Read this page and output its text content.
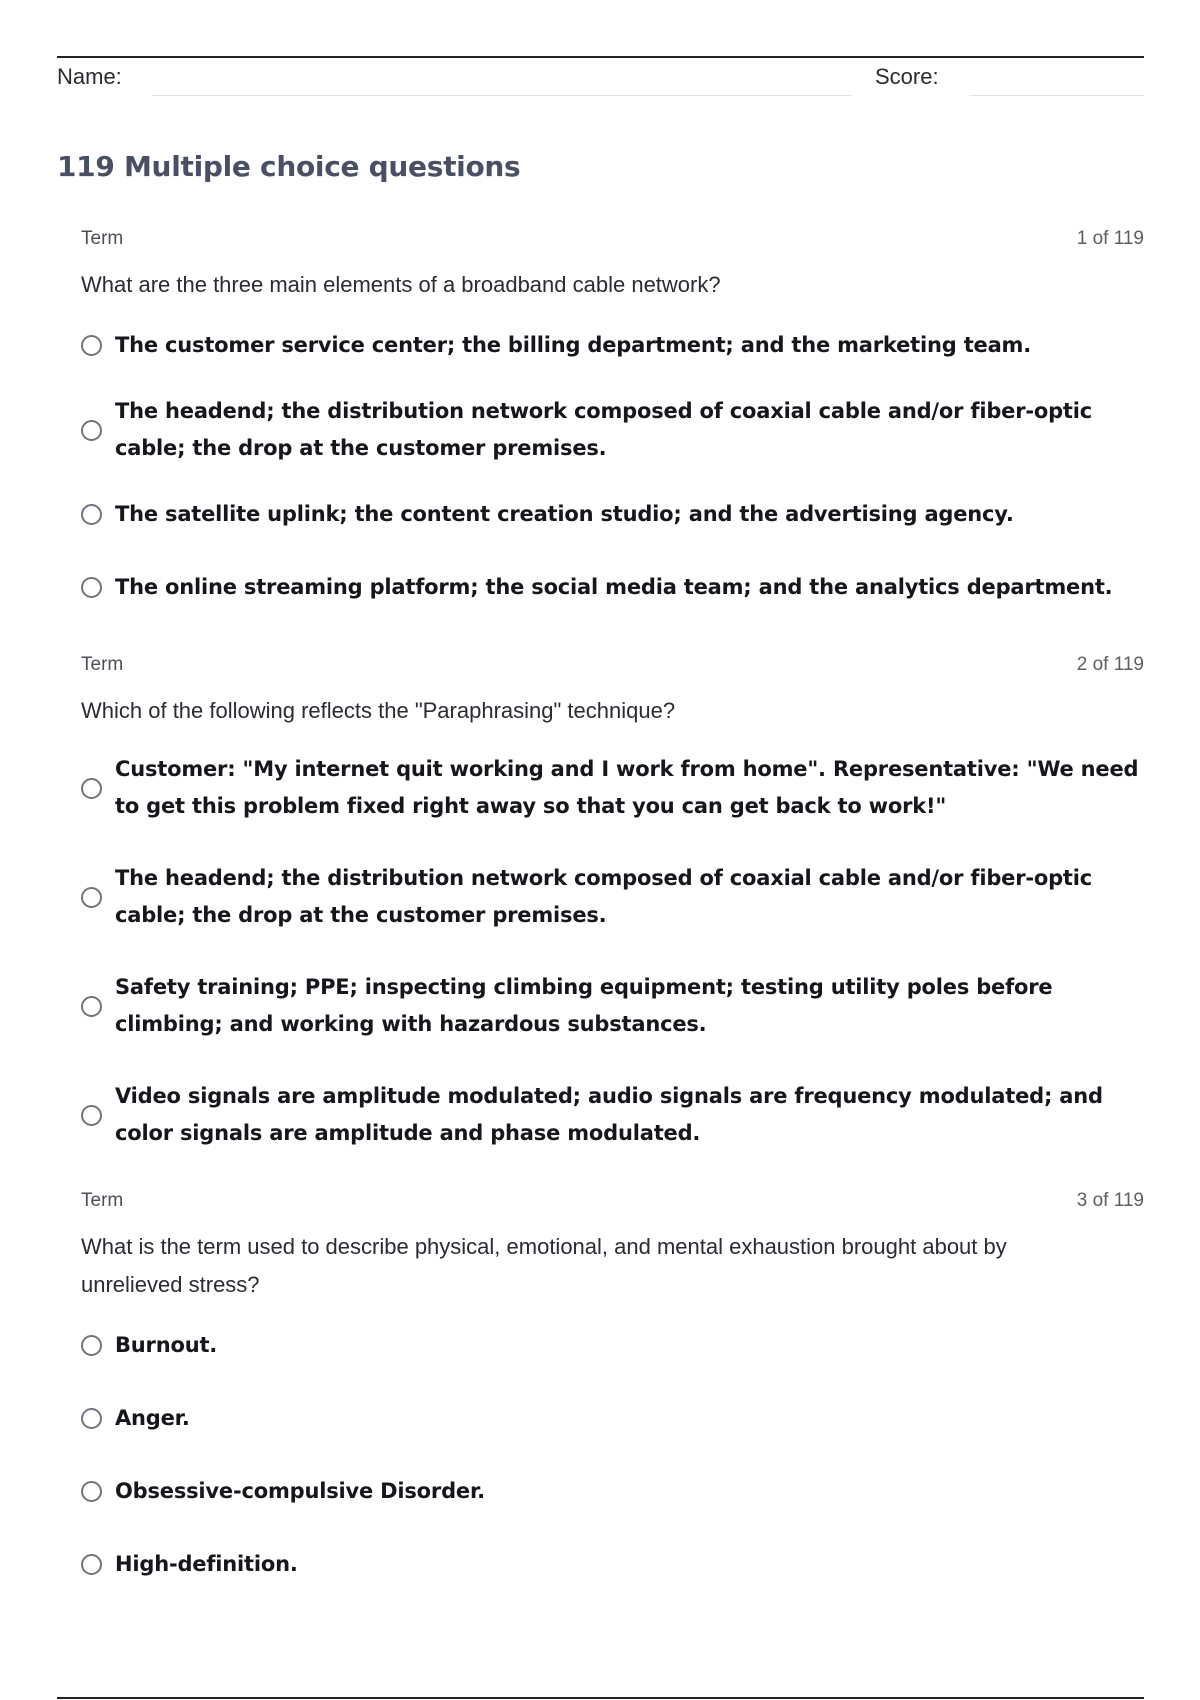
Name:	Score:
119 Multiple choice questions
Term	1 of 119
What are the three main elements of a broadband cable network?
The customer service center; the billing department; and the marketing team.
The headend; the distribution network composed of coaxial cable and/or fiber-optic cable; the drop at the customer premises.
The satellite uplink; the content creation studio; and the advertising agency.
The online streaming platform; the social media team; and the analytics department.
Term	2 of 119
Which of the following reflects the "Paraphrasing" technique?
Customer: "My internet quit working and I work from home". Representative: "We need to get this problem fixed right away so that you can get back to work!"
The headend; the distribution network composed of coaxial cable and/or fiber-optic cable; the drop at the customer premises.
Safety training; PPE; inspecting climbing equipment; testing utility poles before climbing; and working with hazardous substances.
Video signals are amplitude modulated; audio signals are frequency modulated; and color signals are amplitude and phase modulated.
Term	3 of 119
What is the term used to describe physical, emotional, and mental exhaustion brought about by unrelieved stress?
Burnout.
Anger.
Obsessive-compulsive Disorder.
High-definition.
